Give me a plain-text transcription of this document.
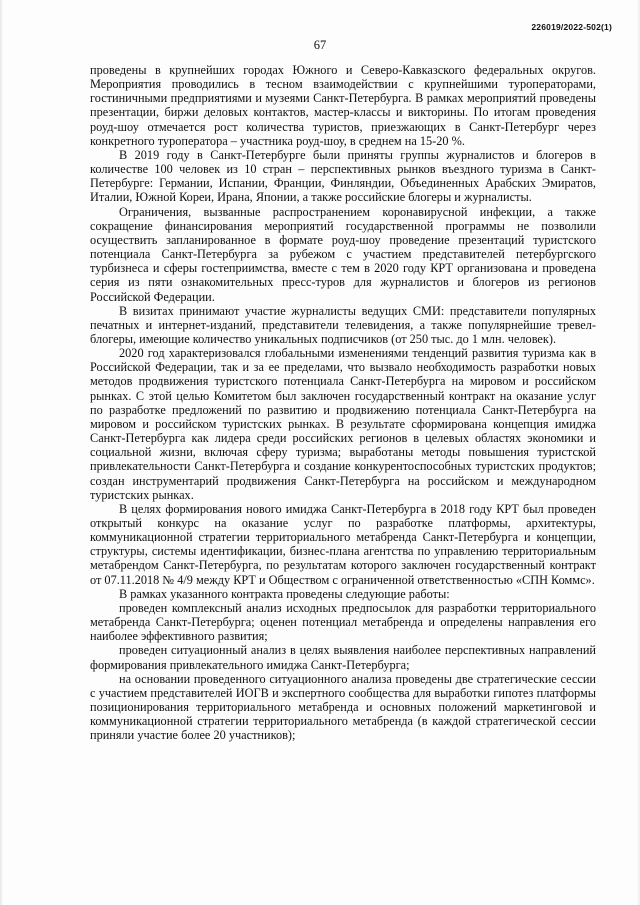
226019/2022-502(1)
67

проведены в крупнейших городах Южного и Северо-Кавказского федеральных округов. Мероприятия проводились в тесном взаимодействии с крупнейшими туроператорами, гостиничными предприятиями и музеями Санкт-Петербурга. В рамках мероприятий проведены презентации, биржи деловых контактов, мастер-классы и викторины. По итогам проведения роуд-шоу отмечается рост количества туристов, приезжающих в Санкт-Петербург через конкретного туроператора – участника роуд-шоу, в среднем на 15-20 %.

В 2019 году в Санкт-Петербурге были приняты группы журналистов и блогеров в количестве 100 человек из 10 стран – перспективных рынков въездного туризма в Санкт-Петербурге: Германии, Испании, Франции, Финляндии, Объединенных Арабских Эмиратов, Италии, Южной Кореи, Ирана, Японии, а также российские блогеры и журналисты.

Ограничения, вызванные распространением коронавирусной инфекции, а также сокращение финансирования мероприятий государственной программы не позволили осуществить запланированное в формате роуд-шоу проведение презентаций туристского потенциала Санкт-Петербурга за рубежом с участием представителей петербургского турбизнеса и сферы гостеприимства, вместе с тем в 2020 году КРТ организована и проведена серия из пяти ознакомительных пресс-туров для журналистов и блогеров из регионов Российской Федерации.

В визитах принимают участие журналисты ведущих СМИ: представители популярных печатных и интернет-изданий, представители телевидения, а также популярнейшие тревел-блогеры, имеющие количество уникальных подписчиков (от 250 тыс. до 1 млн. человек).

2020 год характеризовался глобальными изменениями тенденций развития туризма как в Российской Федерации, так и за ее пределами, что вызвало необходимость разработки новых методов продвижения туристского потенциала Санкт-Петербурга на мировом и российском рынках. С этой целью Комитетом был заключен государственный контракт на оказание услуг по разработке предложений по развитию и продвижению потенциала Санкт-Петербурга на мировом и российском туристских рынках. В результате сформирована концепция имиджа Санкт-Петербурга как лидера среди российских регионов в целевых областях экономики и социальной жизни, включая сферу туризма; выработаны методы повышения туристской привлекательности Санкт-Петербурга и создание конкурентоспособных туристских продуктов; создан инструментарий продвижения Санкт-Петербурга на российском и международном туристских рынках.

В целях формирования нового имиджа Санкт-Петербурга в 2018 году КРТ был проведен открытый конкурс на оказание услуг по разработке платформы, архитектуры, коммуникационной стратегии территориального метабренда Санкт-Петербурга и концепции, структуры, системы идентификации, бизнес-плана агентства по управлению территориальным метабрендом Санкт-Петербурга, по результатам которого заключен государственный контракт от 07.11.2018 № 4/9 между КРТ и Обществом с ограниченной ответственностью «СПН Коммс».

В рамках указанного контракта проведены следующие работы:

проведен комплексный анализ исходных предпосылок для разработки территориального метабренда Санкт-Петербурга; оценен потенциал метабренда и определены направления его наиболее эффективного развития;

проведен ситуационный анализ в целях выявления наиболее перспективных направлений формирования привлекательного имиджа Санкт-Петербурга;

на основании проведенного ситуационного анализа проведены две стратегические сессии с участием представителей ИОГВ и экспертного сообщества для выработки гипотез платформы позиционирования территориального метабренда и основных положений маркетинговой и коммуникационной стратегии территориального метабренда (в каждой стратегической сессии приняли участие более 20 участников);
